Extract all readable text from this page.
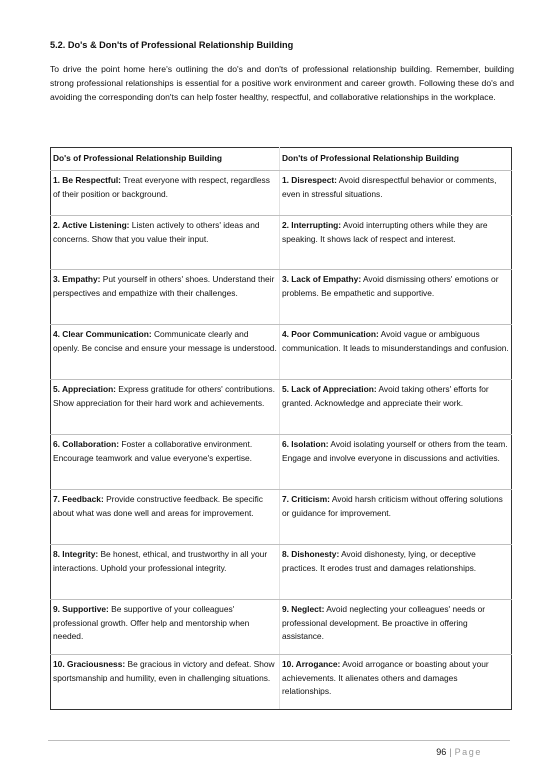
5.2. Do's & Don'ts of Professional Relationship Building
To drive the point home here's outlining the do's and don'ts of professional relationship building. Remember, building strong professional relationships is essential for a positive work environment and career growth. Following these do's and avoiding the corresponding don'ts can help foster healthy, respectful, and collaborative relationships in the workplace.
Do's of Professional Relationship Building	Don'ts of Professional Relationship Building
1. Be Respectful: Treat everyone with respect, regardless of their position or background.	1. Disrespect: Avoid disrespectful behavior or comments, even in stressful situations.
2. Active Listening: Listen actively to others' ideas and concerns. Show that you value their input.	2. Interrupting: Avoid interrupting others while they are speaking. It shows lack of respect and interest.
3. Empathy: Put yourself in others' shoes. Understand their perspectives and empathize with their challenges.	3. Lack of Empathy: Avoid dismissing others' emotions or problems. Be empathetic and supportive.
4. Clear Communication: Communicate clearly and openly. Be concise and ensure your message is understood.	4. Poor Communication: Avoid vague or ambiguous communication. It leads to misunderstandings and confusion.
5. Appreciation: Express gratitude for others' contributions. Show appreciation for their hard work and achievements.	5. Lack of Appreciation: Avoid taking others' efforts for granted. Acknowledge and appreciate their work.
6. Collaboration: Foster a collaborative environment. Encourage teamwork and value everyone's expertise.	6. Isolation: Avoid isolating yourself or others from the team. Engage and involve everyone in discussions and activities.
7. Feedback: Provide constructive feedback. Be specific about what was done well and areas for improvement.	7. Criticism: Avoid harsh criticism without offering solutions or guidance for improvement.
8. Integrity: Be honest, ethical, and trustworthy in all your interactions. Uphold your professional integrity.	8. Dishonesty: Avoid dishonesty, lying, or deceptive practices. It erodes trust and damages relationships.
9. Supportive: Be supportive of your colleagues' professional growth. Offer help and mentorship when needed.	9. Neglect: Avoid neglecting your colleagues' needs or professional development. Be proactive in offering assistance.
10. Graciousness: Be gracious in victory and defeat. Show sportsmanship and humility, even in challenging situations.	10. Arrogance: Avoid arrogance or boasting about your achievements. It alienates others and damages relationships.
96 | Page
